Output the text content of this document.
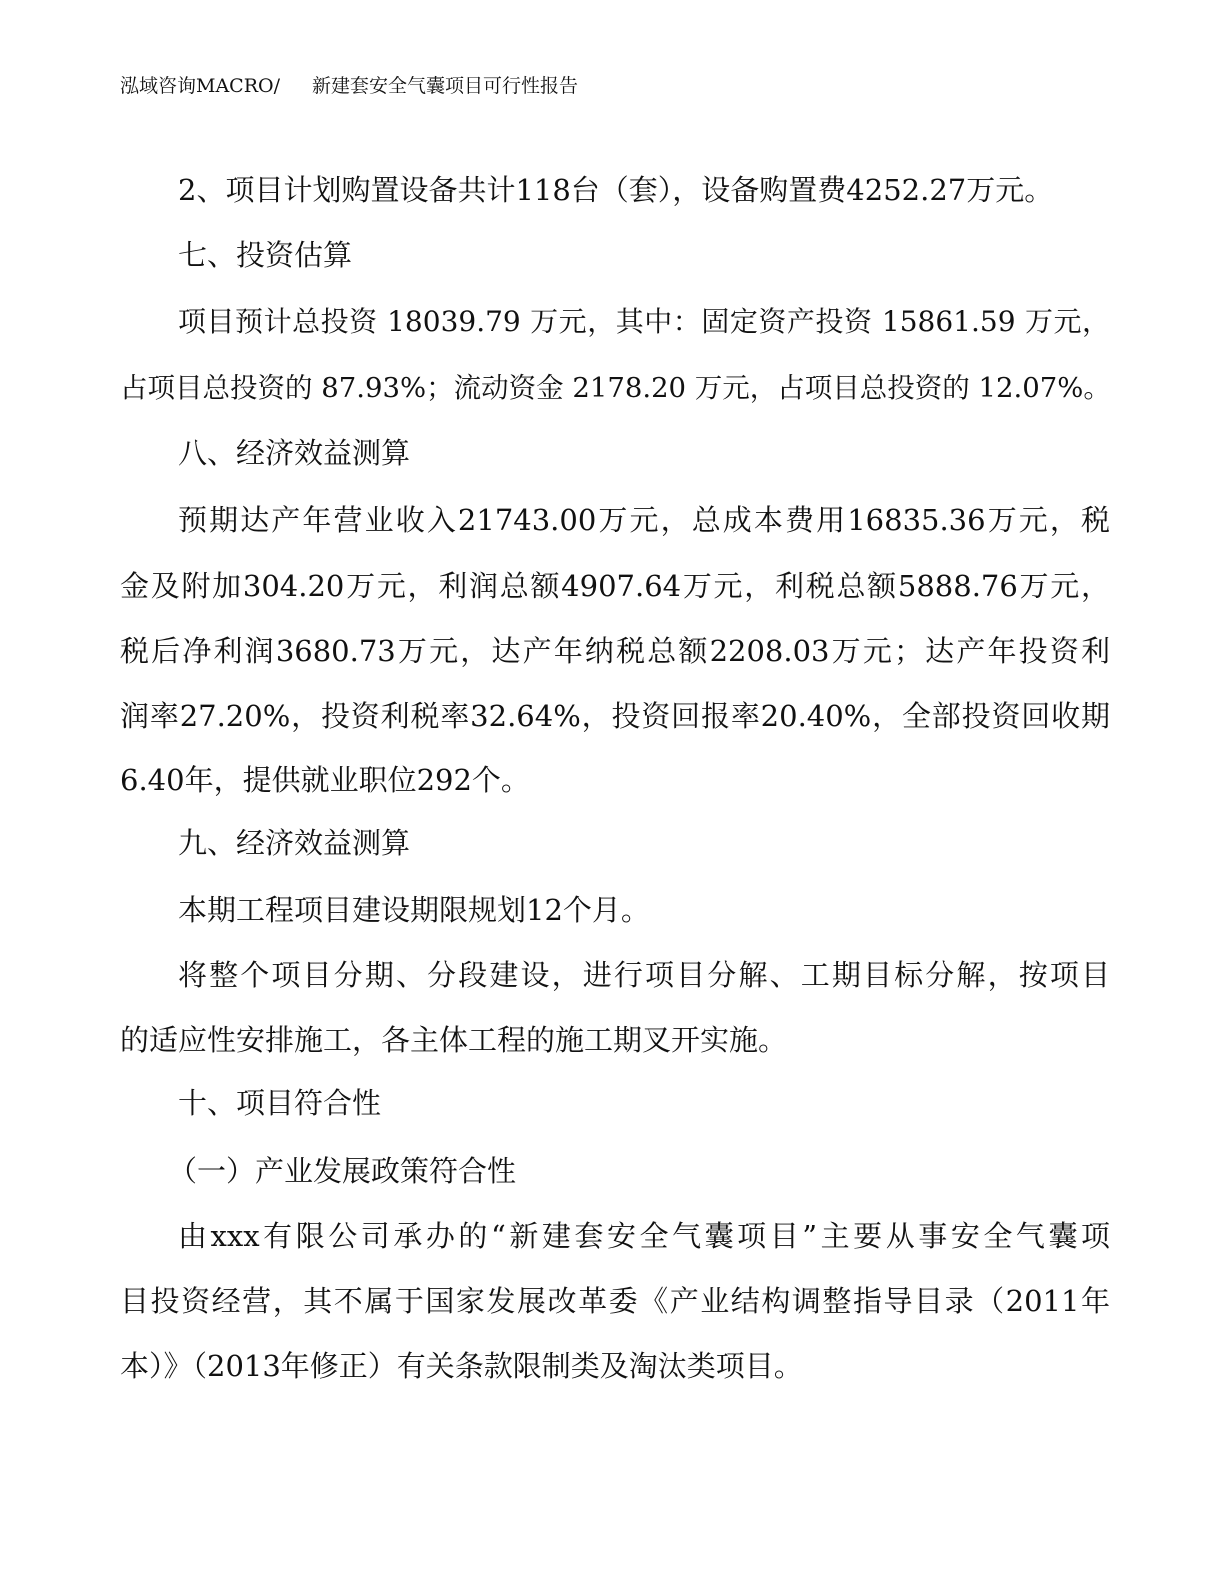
泓域咨询MACRO/ 新建套安全气囊项目可行性报告
2、项目计划购置设备共计118台（套），设备购置费4252.27万元。
七、投资估算
项目预计总投资 18039.79 万元，其中：固定资产投资 15861.59 万元，
占项目总投资的 87.93%；流动资金 2178.20 万元，占项目总投资的 12.07%。
八、经济效益测算
预期达产年营业收入21743.00万元，总成本费用16835.36万元，税
金及附加304.20万元，利润总额4907.64万元，利税总额5888.76万元，
税后净利润3680.73万元，达产年纳税总额2208.03万元；达产年投资利
润率27.20%，投资利税率32.64%，投资回报率20.40%，全部投资回收期
6.40年，提供就业职位292个。
九、经济效益测算
本期工程项目建设期限规划12个月。
将整个项目分期、分段建设，进行项目分解、工期目标分解，按项目
的适应性安排施工，各主体工程的施工期叉开实施。
十、项目符合性
（一）产业发展政策符合性
由xxx有限公司承办的“新建套安全气囊项目”主要从事安全气囊项
目投资经营，其不属于国家发展改革委《产业结构调整指导目录（2011年
本）》（2013年修正）有关条款限制类及淘汰类项目。
